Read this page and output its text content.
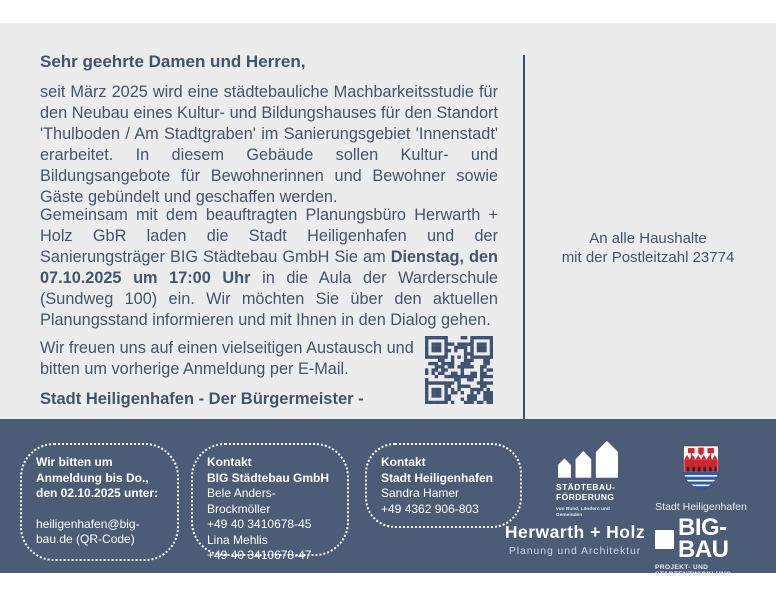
Sehr geehrte Damen und Herren,

seit März 2025 wird eine städtebauliche Machbarkeitsstudie für den Neubau eines Kultur- und Bildungshauses für den Standort 'Thulboden / Am Stadtgraben' im Sanierungsgebiet 'Innenstadt' erarbeitet. In diesem Gebäude sollen Kultur- und Bildungsangebote für Bewohnerinnen und Bewohner sowie Gäste gebündelt und geschaffen werden.

Gemeinsam mit dem beauftragten Planungsbüro Herwarth + Holz GbR laden die Stadt Heiligenhafen und der Sanierungsträger BIG Städtebau GmbH Sie am Dienstag, den 07.10.2025 um 17:00 Uhr in die Aula der Warderschule (Sundweg 100) ein. Wir möchten Sie über den aktuellen Planungsstand informieren und mit Ihnen in den Dialog gehen.

Wir freuen uns auf einen vielseitigen Austausch und bitten um vorherige Anmeldung per E-Mail.

Stadt Heiligenhafen - Der Bürgermeister -
An alle Haushalte
mit der Postleitzahl 23774
Wir bitten um
Anmeldung bis Do.,
den 02.10.2025 unter:
heiligenhafen@big-
bau.de (QR-Code)
Kontakt
BIG Städtebau GmbH
Bele Anders-Brockmöller
+49 40 3410678-45
Lina Mehlis
+49 40 3410678-47
Kontakt
Stadt Heiligenhafen
Sandra Hamer
+49 4362 906-803
STÄDTEBAU-
FÖRDERUNG
von Bund, Ländern und
Gemeinden
Herwarth + Holz
Planung und Architektur
Stadt Heiligenhafen
BIG-BAU
PROJEKT- UND STADTENTWICKLUNG
